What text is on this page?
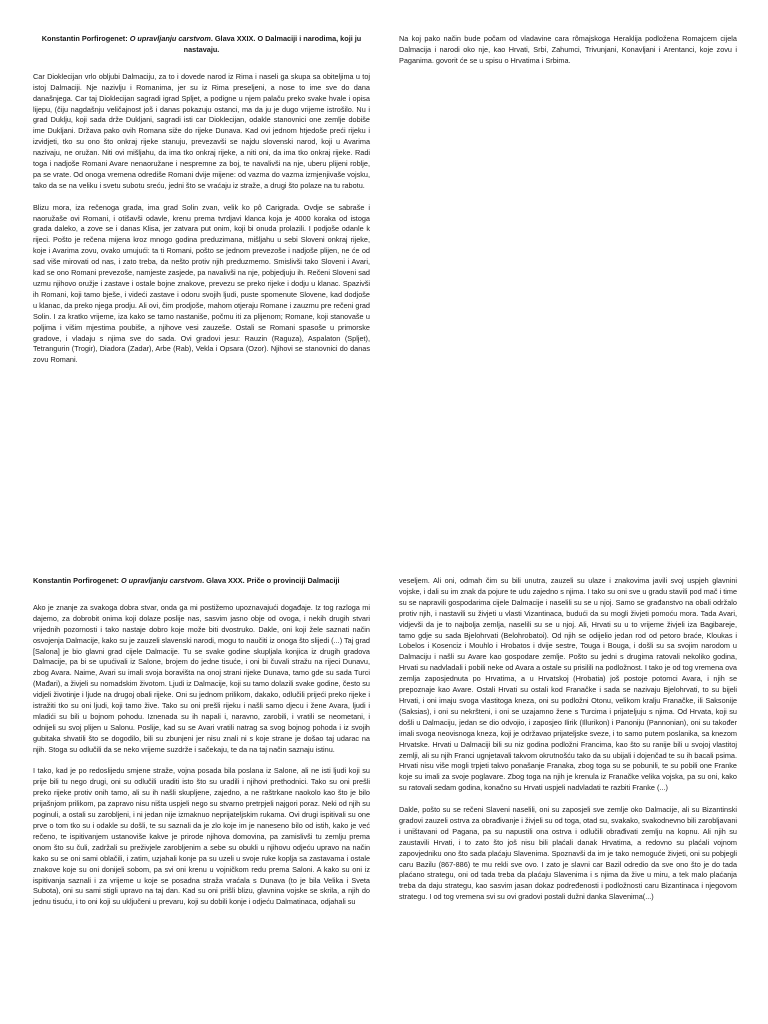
Konstantin Porfirogenet: O upravljanju carstvom. Glava XXIX. O Dalmaciji i narodima, koji ju nastavaju.

Car Dioklecijan vrlo obljubi Dalmaciju, za to i dovede narod iz Rima i naseli ga skupa sa obiteljima u toj istoj Dalmaciji. Nje nazivlju i Romanima, jer su iz Rima preseljeni, a nose to ime sve do dana današnjega. Car taj Dioklecijan sagradi igrad Spljet, a podigne u njem palaču preko svake hvale i opisa lijepu, (čiju nagdašnju veličajnost još i danas pokazuju ostanci, ma da ju je dugo vrijeme istrošilo. Nu i grad Duklju, koji sada drže Dukljani, sagradi isti car Dioklecijan, odakle stanovnici one zemlje dobiše ime Dukljani. Država pako ovih Romana siže do rijeke Dunava. Kad ovi jednom htjedoše preći rijeku i izvidjeti, tko su ono što onkraj rijeke stanuju, prevezavši se najdu slovenski narod, koji u Avarima nazivaju, ne oružan. Niti ovi mišljahu, da ima tko onkraj rijeke, a niti oni, da ima tko onkraj rijeke. Radi toga i nadjoše Romani Avare nenaoružane i nespremne za boj, te navalivši na nje, uberu plijeni roblje, pa se vrate. Od onoga vremena odrediše Romani dvije mijene: od vazma do vazma izmjenjivaše vojsku, tako da se na veliku i svetu subotu sreću, jedni što se vraćaju iz straže, a drugi što polaze na tu rabotu.

Blizu mora, iza rečenoga grada, ima grad Solin zvan, velik ko pô Carigrada. Ovdje se sabraše i naoružaše ovi Romani, i otišavši odavle, krenu prema tvrdjavi klanca koja je 4000 koraka od istoga grada daleko, a zove se i danas Klisa, jer zatvara put onim, koji bi onuda prolazili. I podjoše odanle k rijeci. Pošto je rečena mijena kroz mnogo godina preduzimana, mišljahu u sebi Sloveni onkraj rijeke, koje i Avarima zovu, ovako umujući: ta ti Romani, pošto se jednom prevezoše i nadjoše plijen, ne će od sad više mirovati od nas, i zato treba, da nešto protiv njih preduzmemo. Smislivši tako Sloveni i Avari, kad se ono Romani prevezoše, namjeste zasjede, pa navalivši na nje, pobjedjuju ih. Rečeni Sloveni sad uzmu njihovo oružje i zastave i ostale bojne znakove, prevezu se preko rijeke i dodju u klanac. Spazivši ih Romani, koji tamo bješe, i videći zastave i odoru svojih ljudi, puste spomenute Slovene, kad dodjoše u klanac, da preko njega prodju. Ali ovi, čim prodjoše, mahom otjeraju Romane i zauzmu pre rečeni grad Solin. I za kratko vrijeme, iza kako se tamo nastaniše, počmu iti za plijenom; Romane, koji stanovaše u poljima i višim mjestima poubiše, a njihove vesi zauzeše. Ostali se Romani spasoše u primorske gradove, i vladaju s njima sve do sada. Ovi gradovi jesu: Rauzin (Raguza), Aspalaton (Spljet), Tetrangurin (Trogir), Diadora (Zadar), Arbe (Rab), Vekla i Opsara (Ozor). Njihovi se stanovnici do danas zovu Romani.

Na koj pako način bude počam od vladavine cara rômajskoga Heraklija podložena Romajcem cijela Dalmacija i narodi oko nje, kao Hrvati, Srbi, Zahumci, Trivunjani, Konavljani i Arentanci, koje zovu i Paganima. govorit će se u spisu o Hrvatima i Srbima.

Konstantin Porfirogenet: O upravljanju carstvom. Glava XXX. Priče o provinciji Dalmaciji

Ako je znanje za svakoga dobra stvar, onda ga mi postižemo upoznavajući događaje. Iz tog razloga mi dajemo, za dobrobit onima koji dolaze poslije nas, sasvim jasno obje od ovoga, i nekih drugih stvari vrijednih pozornosti i tako nastaje dobro koje može biti dvostruko. Dakle, oni koji žele saznati način osvojenja Dalmacije, kako su je zauzeli slavenski narodi, mogu to naučiti iz onoga što slijedi (...) Taj grad [Salona] je bio glavni grad cijele Dalmacije. Tu se svake godine skupljala konjica iz drugih gradova Dalmacije, pa bi se upućivali iz Salone, brojem do jedne tisuće, i oni bi čuvali stražu na rijeci Dunavu, zbog Avara. Naime, Avari su imali svoja boravišta na onoj strani rijeke Dunava, tamo gde su sada Turci (Mađari), a živjeli su nomadskim životom. Ljudi iz Dalmacije, koji su tamo dolazili svake godine, često su vidjeli životinje i ljude na drugoj obali rijeke. Oni su jednom prilikom, dakako, odlučili prijeći preko rijeke i istražiti tko su oni ljudi, koji tamo žive. Tako su oni prešli rijeku i našli samo djecu i žene Avara, ljudi i mladići su bili u bojnom pohodu. Iznenada su ih napali i, naravno, zarobili, i vratili se neometani, i odnijeli su svoj plijen u Salonu. Poslije, kad su se Avari vratili natrag sa svog bojnog pohoda i iz svojih gubitaka shvatili što se dogodilo, bili su zbunjeni jer nisu znali ni s koje strane je došao taj udarac na njih. Stoga su odlučili da se neko vrijeme suzdrže i sačekaju, te da na taj način saznaju istinu.

I tako, kad je po redoslijedu smjene straže, vojna posada bila poslana iz Salone, ali ne isti ljudi koji su prije bili tu nego drugi, oni su odlučili uraditi isto što su uradili i njihovi prethodnici. Tako su oni prešli preko rijeke protiv onih tamo, ali su ih našli skupljene, zajedno, a ne raštrkane naokolo kao što je bilo prijašnjom prilikom, pa zapravo nisu ništa uspjeli nego su stvarno pretrpjeli najgori poraz. Neki od njih su poginuli, a ostali su zarobljeni, i ni jedan nije izmaknuo neprijateljskim rukama. Ovi drugi ispitivali su one prve o tom tko su i odakle su došli, te su saznali da je zlo koje im je naneseno bilo od istih, kako je već rečeno, te ispitivanjem ustanoviše kakve je prirode njihova domovina, pa zamislivši tu zemlju prema onom što su čuli, zadržali su preživjele zarobljenim a sebe su obukli u njihovu odjeću upravo na način kako su se oni sami oblačili, i zatim, uzjahali konje pa su uzeli u svoje ruke koplja sa zastavama i ostale znakove koje su oni donijeli sobom, pa svi oni krenu u vojničkom redu prema Saloni. A kako su oni iz ispitivanja saznali i za vrijeme u koje se posadna straža vraćala s Dunava (to je bila Velika i Sveta Subota), oni su sami stigli upravo na taj dan. Kad su oni prišli blizu, glavnina vojske se skrila, a njih do jednu tisuću, i to oni koji su uključeni u prevaru, koji su dobili konje i odjeću Dalmatinaca, odjahali su

veseljem. Ali oni, odmah čim su bili unutra, zauzeli su ulaze i znakovima javili svoj uspjeh glavnini vojske, i dali su im znak da pojure te udu zajedno s njima. I tako su oni sve u gradu stavili pod mač i time su se napravili gospodarima cijele Dalmacije i naselili su se u njoj. Samo se građanstvo na obali održalo protiv njih, i nastavili su živjeti u vlasti Vizantinaca, budući da su mogli živjeti pomoću mora. Tada Avari, vidjevši da je to najbolja zemlja, naselili su se u njoj. Ali, Hrvati su u to vrijeme živjeli iza Bagibareje, tamo gdje su sada Bjelohrvati (Belohrobatoi). Od njih se odijelio jedan rod od petoro braće, Kloukas i Lobelos i Kosenciz i Mouhlo i Hrobatos i dvije sestre, Touga i Bouga, i došli su sa svojim narodom u Dalmaciju i našli su Avare kao gospodare zemlje. Pošto su jedni s drugima ratovali nekoliko godina, Hrvati su nadvladali i pobili neke od Avara a ostale su prisilili na podložnost. I tako je od tog vremena ova zemlja zaposjednuta po Hrvatima, a u Hrvatskoj (Hrobatia) još postoje potomci Avara, i njih se prepoznaje kao Avare. Ostali Hrvati su ostali kod Franačke i sada se nazivaju Bjelohrvati, to su bijeli Hrvati, i oni imaju svoga vlastitoga kneza, oni su podložni Otonu, velikom kralju Franačke, ili Saksonije (Saksias), i oni su nekršteni, i oni se uzajamno žene s Turcima i prijateljuju s njima. Od Hrvata, koji su došli u Dalmaciju, jedan se dio odvojio, i zaposjeo Ilirik (Illurikon) i Panoniju (Pannonian), oni su također imali svoga neovisnoga kneza, koji je održavao prijateljske sveze, i to samo putem poslanika, sa knezom Hrvatske. Hrvati u Dalmaciji bili su niz godina podložni Francima, kao što su ranije bili u svojoj vlastitoj zemlji, ali su njih Franci ugnjetavali takvom okrutnošću tako da su ubijali i dojenčad te su ih bacali psima. Hrvati nisu više mogli trpjeti takvo ponašanje Franaka, zbog toga su se pobunili, te su pobili one Franke koje su imali za svoje poglavare. Zbog toga na njih je krenula iz Franačke velika vojska, pa su oni, kako su ratovali sedam godina, konačno su Hrvati uspjeli nadvladati te razbiti Franke (...)

Dakle, pošto su se rečeni Slaveni naselili, oni su zaposjeli sve zemlje oko Dalmacije, ali su Bizantinski gradovi zauzeli ostrva za obrađivanje i živjeli su od toga, otad su, svakako, svakodnevno bili zarobljavani i uništavani od Pagana, pa su napustili ona ostrva i odlučili obrađivati zemlju na kopnu. Ali njih su zaustavili Hrvati, i to zato što još nisu bili plaćali danak Hrvatima, a redovno su plaćali vojnom zapovjedniku ono što sada plaćaju Slavenima. Spoznavši da im je tako nemoguće živjeti, oni su pobjegli caru Bazilu (867-886) te mu rekli sve ovo. I zato je slavni car Bazil odredio da sve ono što je do tada plaćano strategu, oni od tada treba da plaćaju Slavenima i s njima da žive u miru, a tek malo plaćanja treba da daju strategu, kao sasvim jasan dokaz podređenosti i podložnosti caru Bizantinaca i njegovom strategu. I od tog vremena svi su ovi gradovi postali dužni danka Slavenima(...)
